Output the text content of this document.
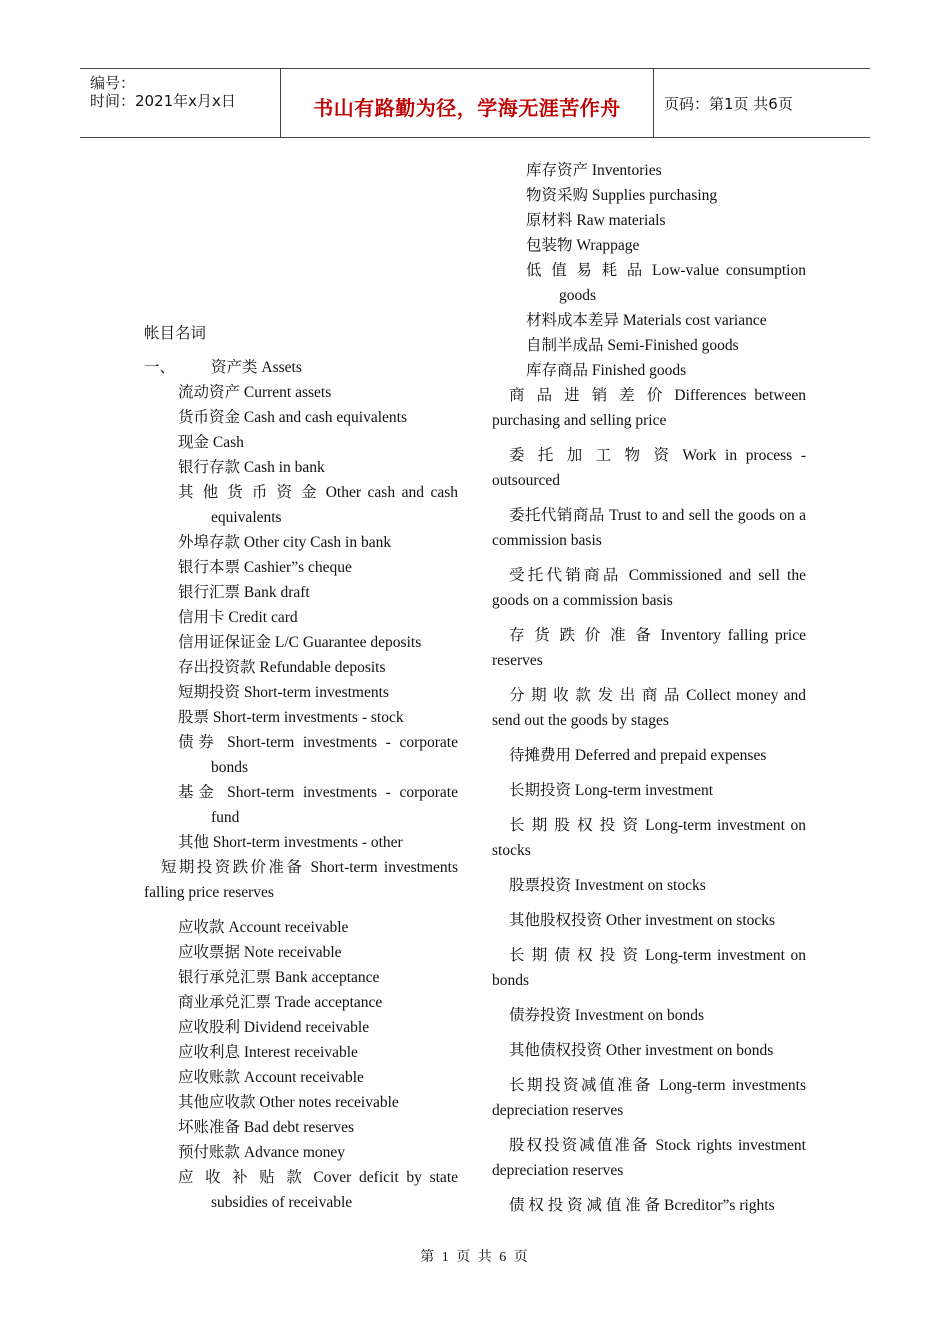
编号：
时间：2021年x月x日	书山有路勤为径，学海无涯苦作舟	页码：第1页 共6页
帐目名词
一、	资产类 Assets
流动资产 Current assets
货币资金 Cash and cash equivalents
现金 Cash
银行存款 Cash in bank
其 他 货 币 资 金 Other cash and cash
equivalents
外埠存款 Other city Cash in bank
银行本票 Cashier”s cheque
银行汇票 Bank draft
信用卡 Credit card
信用证保证金 L/C Guarantee deposits
存出投资款 Refundable deposits
短期投资 Short-term investments
股票 Short-term investments - stock
债券 Short-term investments - corporate
bonds
基金 Short-term investments - corporate
fund
其他 Short-term investments - other
短期投资跌价准备 Short-term investments falling price reserves
应收款 Account receivable
应收票据 Note receivable
银行承兑汇票 Bank acceptance
商业承兑汇票 Trade acceptance
应收股利 Dividend receivable
应收利息 Interest receivable
应收账款 Account receivable
其他应收款 Other notes receivable
坏账准备 Bad debt reserves
预付账款 Advance money
应 收 补 贴 款 Cover deficit by state
subsidies of receivable
库存资产 Inventories
物资采购 Supplies purchasing
原材料 Raw materials
包装物 Wrappage
低 值 易 耗 品 Low-value consumption
goods
材料成本差异 Materials cost variance
自制半成品 Semi-Finished goods
库存商品 Finished goods
商 品 进 销 差 价 Differences between purchasing and selling price
委 托 加 工 物 资 Work in process - outsourced
委托代销商品 Trust to and sell the goods on a commission basis
受托代销商品 Commissioned and sell the goods on a commission basis
存 货 跌 价 准 备 Inventory falling price reserves
分 期 收 款 发 出 商 品 Collect money and send out the goods by stages
待摊费用 Deferred and prepaid expenses
长期投资 Long-term investment
长 期 股 权 投 资 Long-term investment on stocks
股票投资 Investment on stocks
其他股权投资 Other investment on stocks
长 期 债 权 投 资 Long-term investment on bonds
债券投资 Investment on bonds
其他债权投资 Other investment on bonds
长期投资减值准备 Long-term investments depreciation reserves
股权投资减值准备 Stock rights investment depreciation reserves
债 权 投 资 减 值 准 备 Bcreditor”s rights
第 1 页 共 6 页
